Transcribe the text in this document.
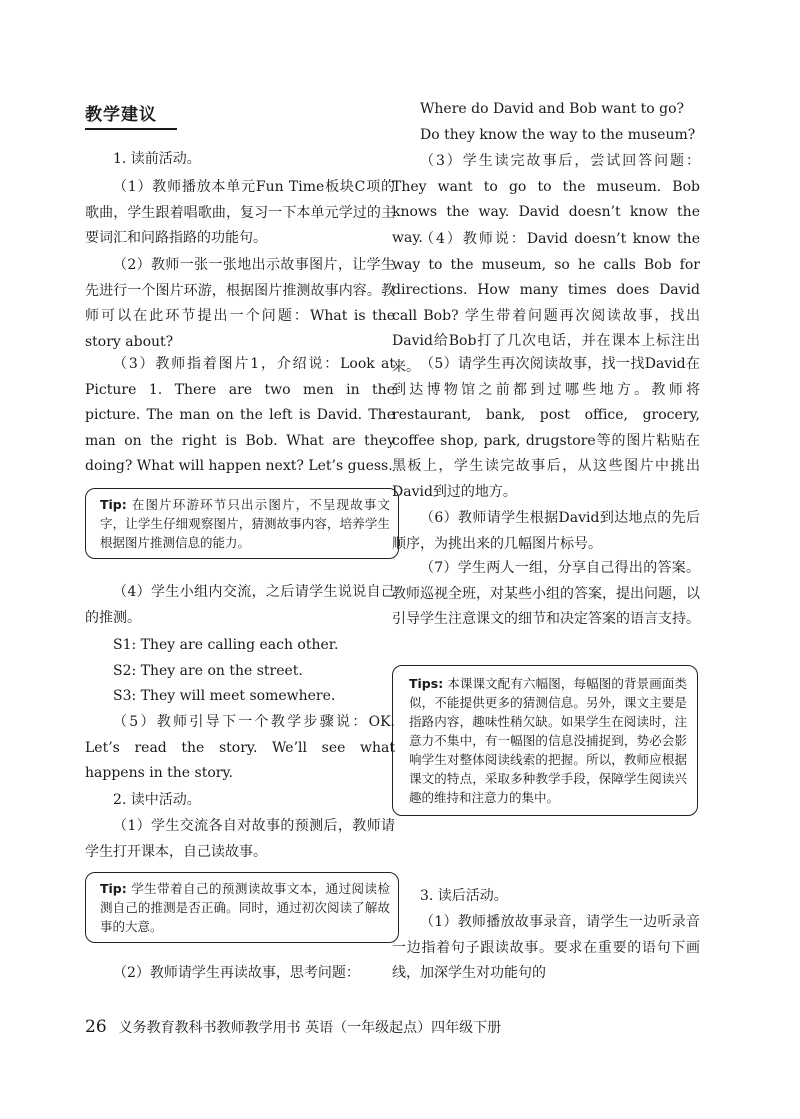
教学建议

1. 读前活动。

（1）教师播放本单元Fun Time板块C项的歌曲，学生跟着唱歌曲，复习一下本单元学过的主要词汇和问路指路的功能句。

（2）教师一张一张地出示故事图片，让学生先进行一个图片环游，根据图片推测故事内容。教师可以在此环节提出一个问题：What is the story about?

（3）教师指着图片1，介绍说：Look at Picture 1. There are two men in the picture. The man on the left is David. The man on the right is Bob. What are they doing? What will happen next? Let’s guess.

Tip: 在图片环游环节只出示图片，不呈现故事文字，让学生仔细观察图片，猜测故事内容，培养学生根据图片推测信息的能力。

（4）学生小组内交流，之后请学生说说自己的推测。

S1: They are calling each other.

S2: They are on the street.

S3: They will meet somewhere.

（5）教师引导下一个教学步骤说：OK. Let’s read the story. We’ll see what happens in the story.

2. 读中活动。

（1）学生交流各自对故事的预测后，教师请学生打开课本，自己读故事。

Tip: 学生带着自己的预测读故事文本，通过阅读检测自己的推测是否正确。同时，通过初次阅读了解故事的大意。

（2）教师请学生再读故事，思考问题：

Where do David and Bob want to go?

Do they know the way to the museum?

（3）学生读完故事后，尝试回答问题：They want to go to the museum. Bob knows the way. David doesn’t know the way.

（4）教师说：David doesn’t know the way to the museum, so he calls Bob for directions. How many times does David call Bob? 学生带着问题再次阅读故事，找出David给Bob打了几次电话，并在课本上标注出来。 （5）请学生再次阅读故事，找一找David在到达博物馆之前都到过哪些地方。教师将restaurant, bank, post office, grocery, coffee shop, park, drugstore等的图片粘贴在黑板上，学生读完故事后，从这些图片中挑出David到过的地方。

（6）教师请学生根据David到达地点的先后顺序，为挑出来的几幅图片标号。

（7）学生两人一组，分享自己得出的答案。教师巡视全班，对某些小组的答案，提出问题，以引导学生注意课文的细节和决定答案的语言支持。

Tips: 本课课文配有六幅图，每幅图的背景画面类似，不能提供更多的猜测信息。另外，课文主要是指路内容，趣味性稍欠缺。如果学生在阅读时，注意力不集中，有一幅图的信息没捕捉到，势必会影响学生对整体阅读线索的把握。所以，教师应根据课文的特点，采取多种教学手段，保障学生阅读兴趣的维持和注意力的集中。

3. 读后活动。

（1）教师播放故事录音，请学生一边听录音一边指着句子跟读故事。要求在重要的语句下画线，加深学生对功能句的

26 义务教育教科书教师教学用书 英语（一年级起点）四年级下册
